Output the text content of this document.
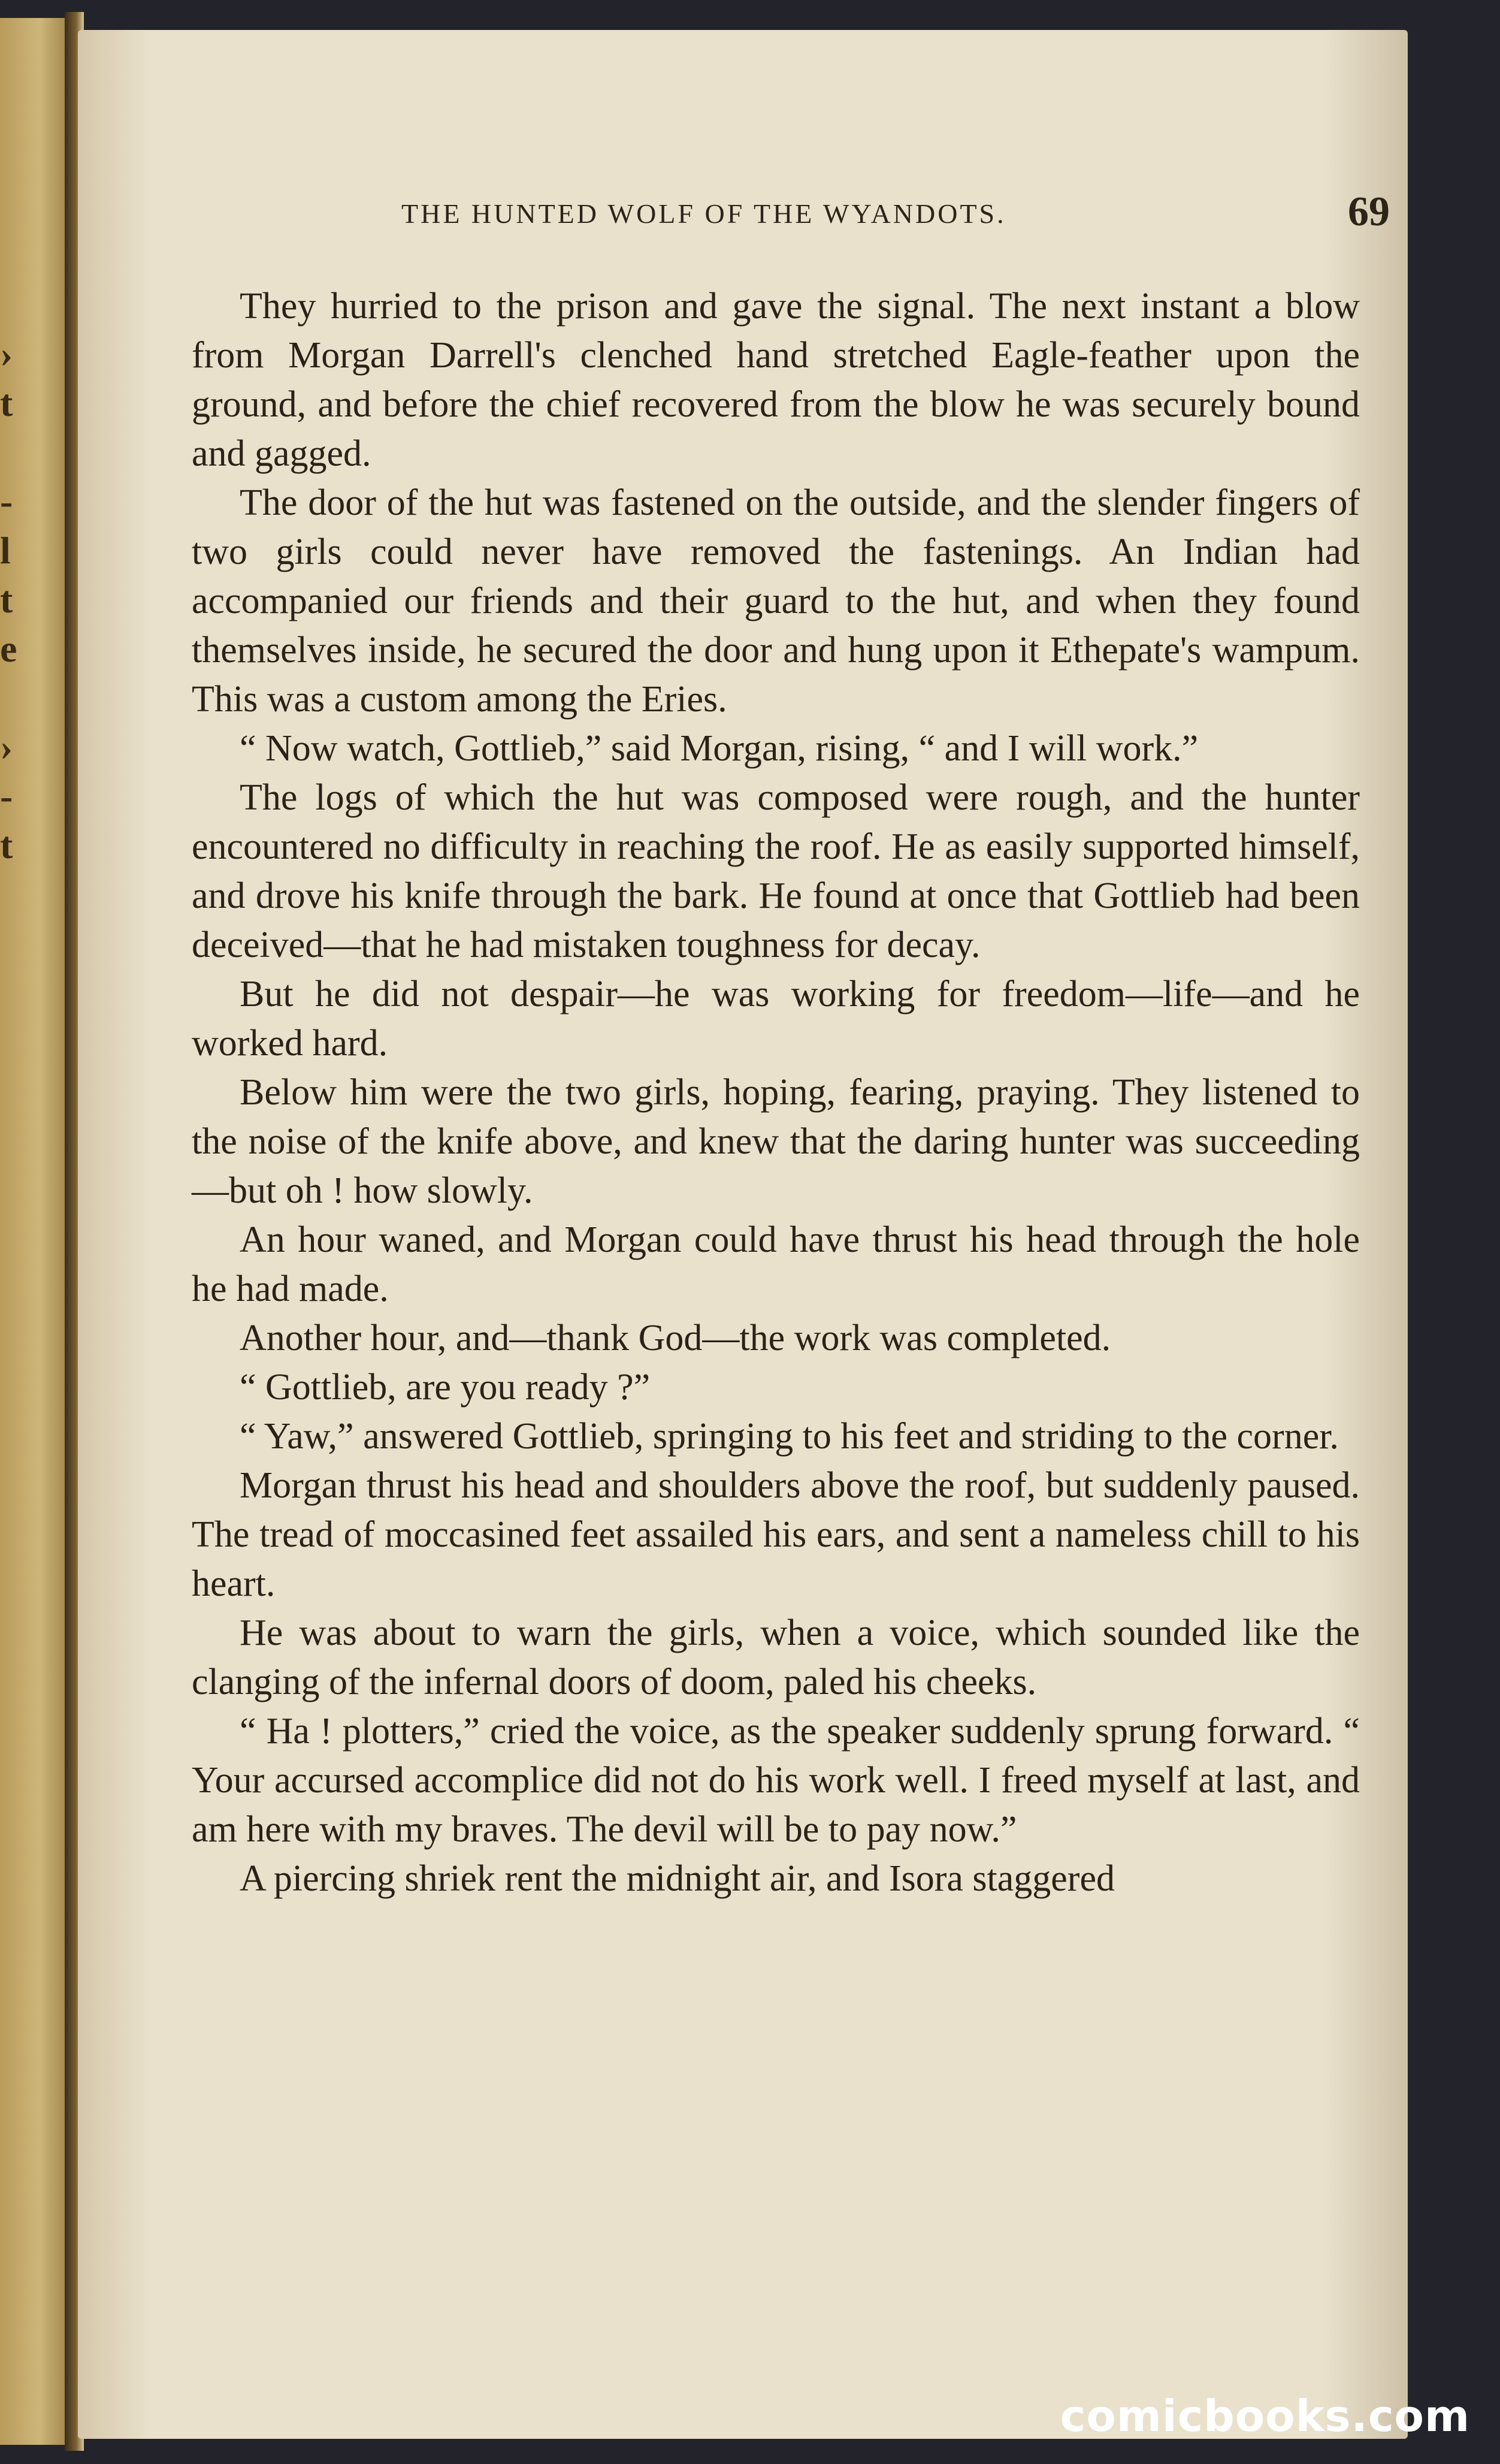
›
t
-
l
t
e
›
-
t
THE HUNTED WOLF OF THE WYANDOTS.	69

They hurried to the prison and gave the signal. The next instant a blow from Morgan Darrell's clenched hand stretched Eagle-feather upon the ground, and before the chief recovered from the blow he was securely bound and gagged.

The door of the hut was fastened on the outside, and the slender fingers of two girls could never have removed the fastenings. An Indian had accompanied our friends and their guard to the hut, and when they found themselves inside, he secured the door and hung upon it Ethepate's wampum. This was a custom among the Eries.

“ Now watch, Gottlieb,” said Morgan, rising, “ and I will work.”

The logs of which the hut was composed were rough, and the hunter encountered no difficulty in reaching the roof. He as easily supported himself, and drove his knife through the bark. He found at once that Gottlieb had been deceived—that he had mistaken toughness for decay.

But he did not despair—he was working for freedom—life—and he worked hard.

Below him were the two girls, hoping, fearing, praying. They listened to the noise of the knife above, and knew that the daring hunter was succeeding—but oh ! how slowly.

An hour waned, and Morgan could have thrust his head through the hole he had made.

Another hour, and—thank God—the work was completed.

“ Gottlieb, are you ready ?”

“ Yaw,” answered Gottlieb, springing to his feet and striding to the corner.

Morgan thrust his head and shoulders above the roof, but suddenly paused. The tread of moccasined feet assailed his ears, and sent a nameless chill to his heart.

He was about to warn the girls, when a voice, which sounded like the clanging of the infernal doors of doom, paled his cheeks.

“ Ha ! plotters,” cried the voice, as the speaker suddenly sprung forward. “ Your accursed accomplice did not do his work well. I freed myself at last, and am here with my braves. The devil will be to pay now.”

A piercing shriek rent the midnight air, and Isora staggered

comicbooks.com
